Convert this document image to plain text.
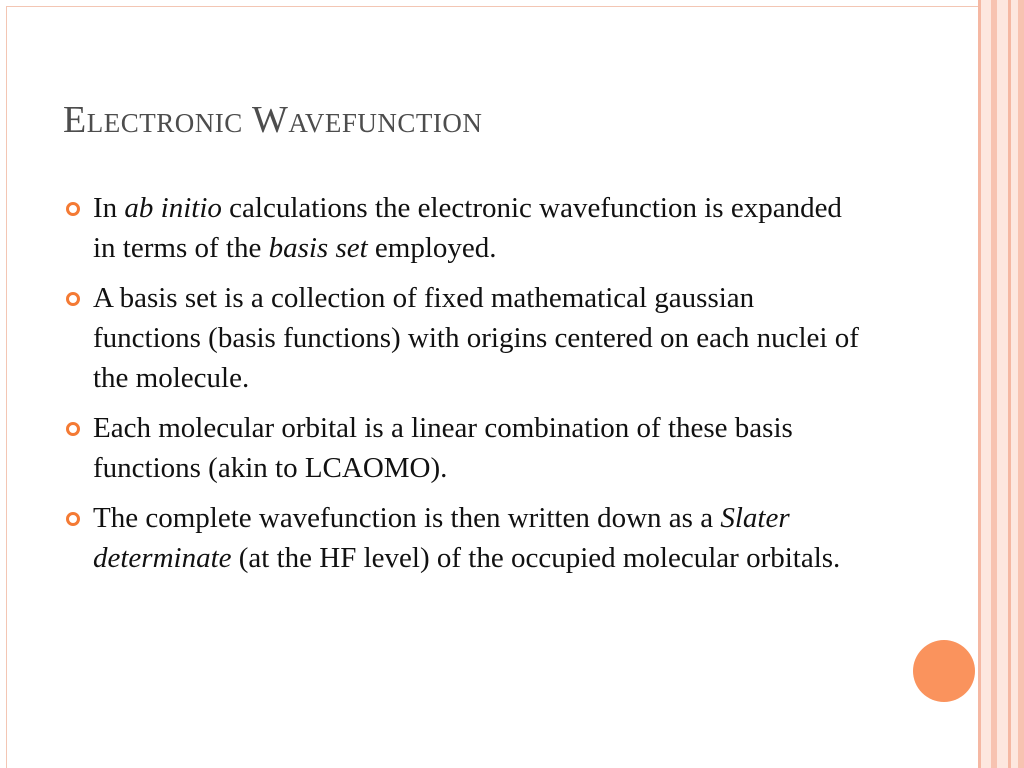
Electronic Wavefunction
In ab initio calculations the electronic wavefunction is expanded in terms of the basis set employed.
A basis set is a collection of fixed mathematical gaussian functions (basis functions) with origins centered on each nuclei of the molecule.
Each molecular orbital is a linear combination of these basis functions (akin to LCAOMO).
The complete wavefunction is then written down as a Slater determinate (at the HF level) of the occupied molecular orbitals.
